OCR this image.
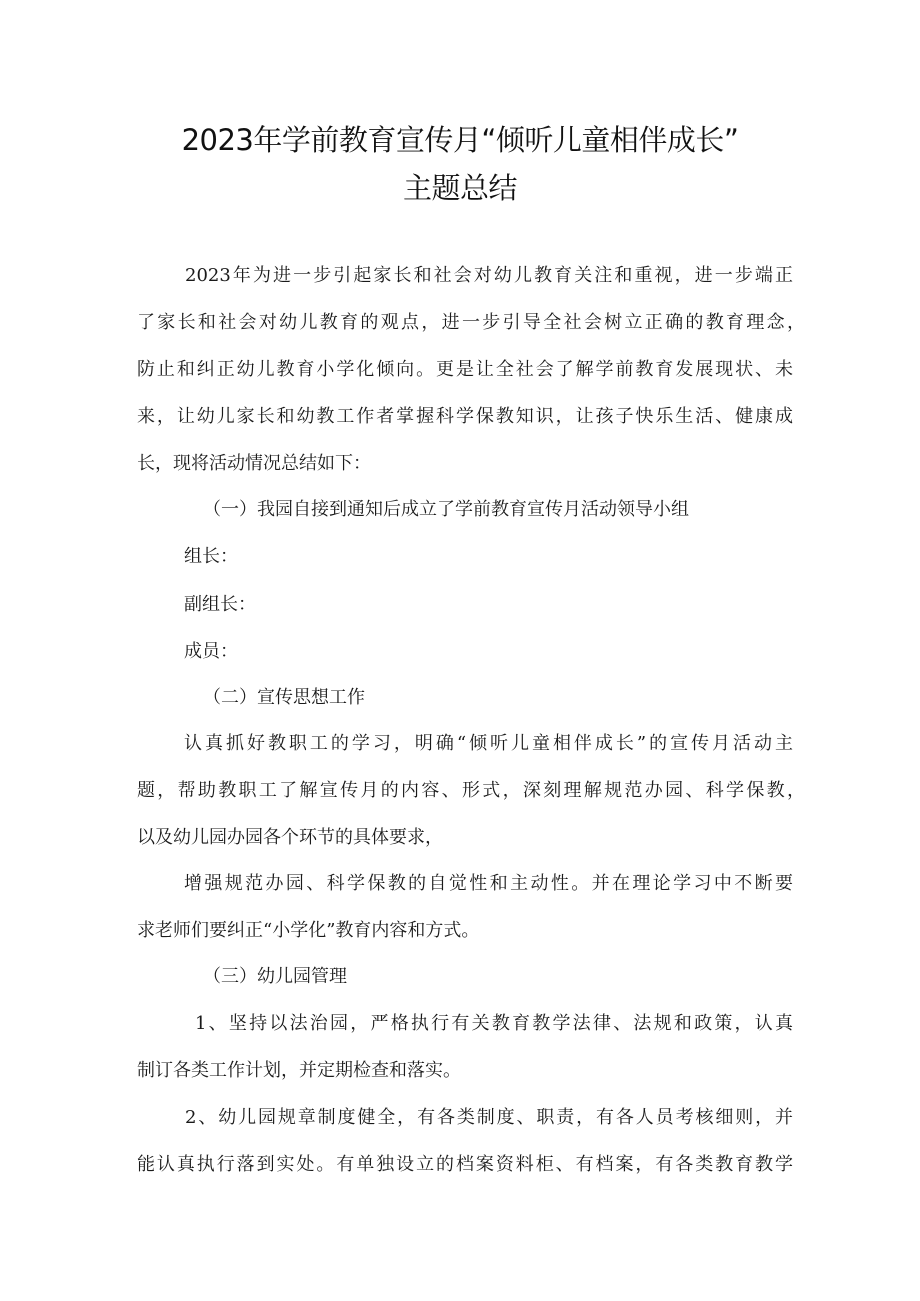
2023年学前教育宣传月“倾听儿童相伴成长”
主题总结

2023年为进一步引起家长和社会对幼儿教育关注和重视，进一步端正

了家长和社会对幼儿教育的观点，进一步引导全社会树立正确的教育理念，

防止和纠正幼儿教育小学化倾向。更是让全社会了解学前教育发展现状、未

来，让幼儿家长和幼教工作者掌握科学保教知识，让孩子快乐生活、健康成

长，现将活动情况总结如下：

（一）我园自接到通知后成立了学前教育宣传月活动领导小组

组长：

副组长：

成员：

（二）宣传思想工作

认真抓好教职工的学习，明确“倾听儿童相伴成长”的宣传月活动主

题，帮助教职工了解宣传月的内容、形式，深刻理解规范办园、科学保教，

以及幼儿园办园各个环节的具体要求，

增强规范办园、科学保教的自觉性和主动性。并在理论学习中不断要

求老师们要纠正“小学化”教育内容和方式。

（三）幼儿园管理

1、坚持以法治园，严格执行有关教育教学法律、法规和政策，认真

制订各类工作计划，并定期检查和落实。

2、幼儿园规章制度健全，有各类制度、职责，有各人员考核细则，并

能认真执行落到实处。有单独设立的档案资料柜、有档案，有各类教育教学
